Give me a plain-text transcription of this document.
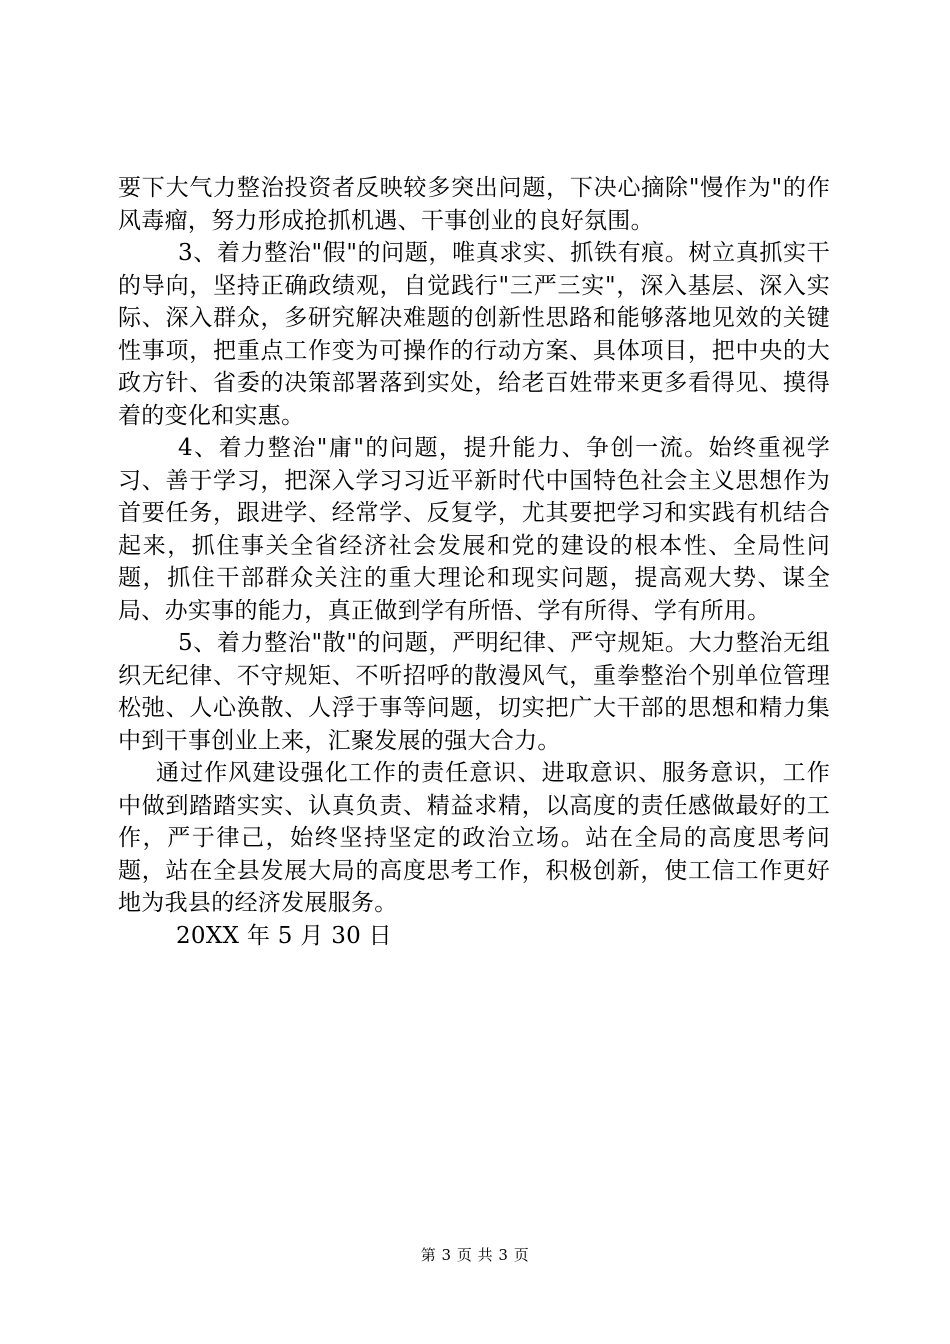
要下大气力整治投资者反映较多突出问题，下决心摘除"慢作为"的作风毒瘤，努力形成抢抓机遇、干事创业的良好氛围。

3、着力整治"假"的问题，唯真求实、抓铁有痕。树立真抓实干的导向，坚持正确政绩观，自觉践行"三严三实"，深入基层、深入实际、深入群众，多研究解决难题的创新性思路和能够落地见效的关键性事项，把重点工作变为可操作的行动方案、具体项目，把中央的大政方针、省委的决策部署落到实处，给老百姓带来更多看得见、摸得着的变化和实惠。

4、着力整治"庸"的问题，提升能力、争创一流。始终重视学习、善于学习，把深入学习习近平新时代中国特色社会主义思想作为首要任务，跟进学、经常学、反复学，尤其要把学习和实践有机结合起来，抓住事关全省经济社会发展和党的建设的根本性、全局性问题，抓住干部群众关注的重大理论和现实问题，提高观大势、谋全局、办实事的能力，真正做到学有所悟、学有所得、学有所用。

5、着力整治"散"的问题，严明纪律、严守规矩。大力整治无组织无纪律、不守规矩、不听招呼的散漫风气，重拳整治个别单位管理松弛、人心涣散、人浮于事等问题，切实把广大干部的思想和精力集中到干事创业上来，汇聚发展的强大合力。

通过作风建设强化工作的责任意识、进取意识、服务意识，工作中做到踏踏实实、认真负责、精益求精，以高度的责任感做最好的工作，严于律己，始终坚持坚定的政治立场。站在全局的高度思考问题，站在全县发展大局的高度思考工作，积极创新，使工信工作更好地为我县的经济发展服务。

20XX 年 5 月 30 日

第 3 页 共 3 页
